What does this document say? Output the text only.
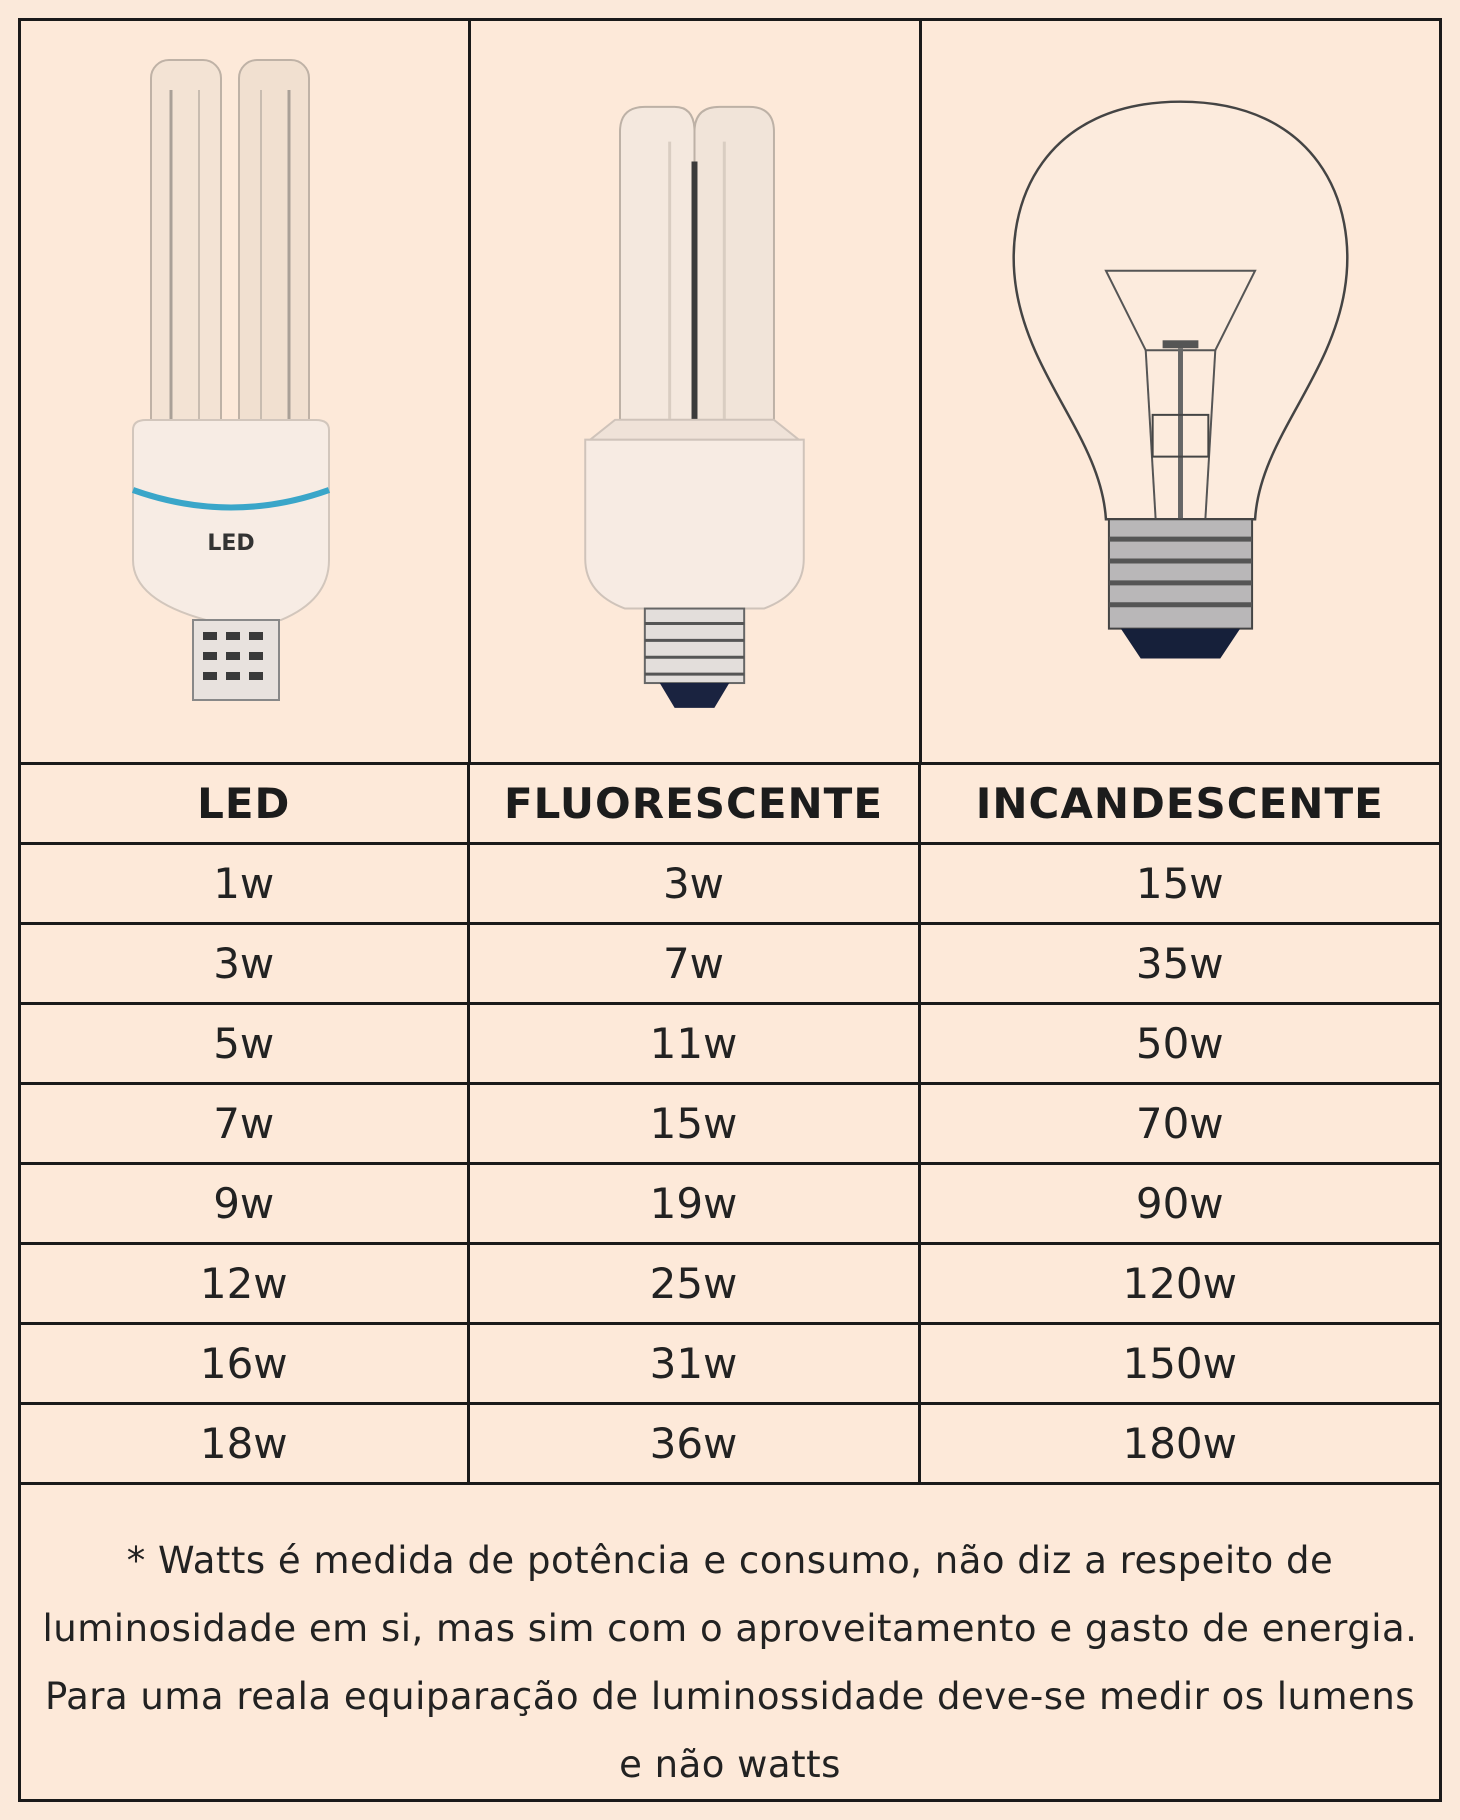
LED
LED	FLUORESCENTE	INCANDESCENTE
1w	3w	15w
3w	7w	35w
5w	11w	50w
7w	15w	70w
9w	19w	90w
12w	25w	120w
16w	31w	150w
18w	36w	180w
* Watts é medida de potência e consumo, não diz a respeito de luminosidade em si, mas sim com o aproveitamento e gasto de energia. Para uma reala equiparação de luminossidade deve-se medir os lumens e não watts
